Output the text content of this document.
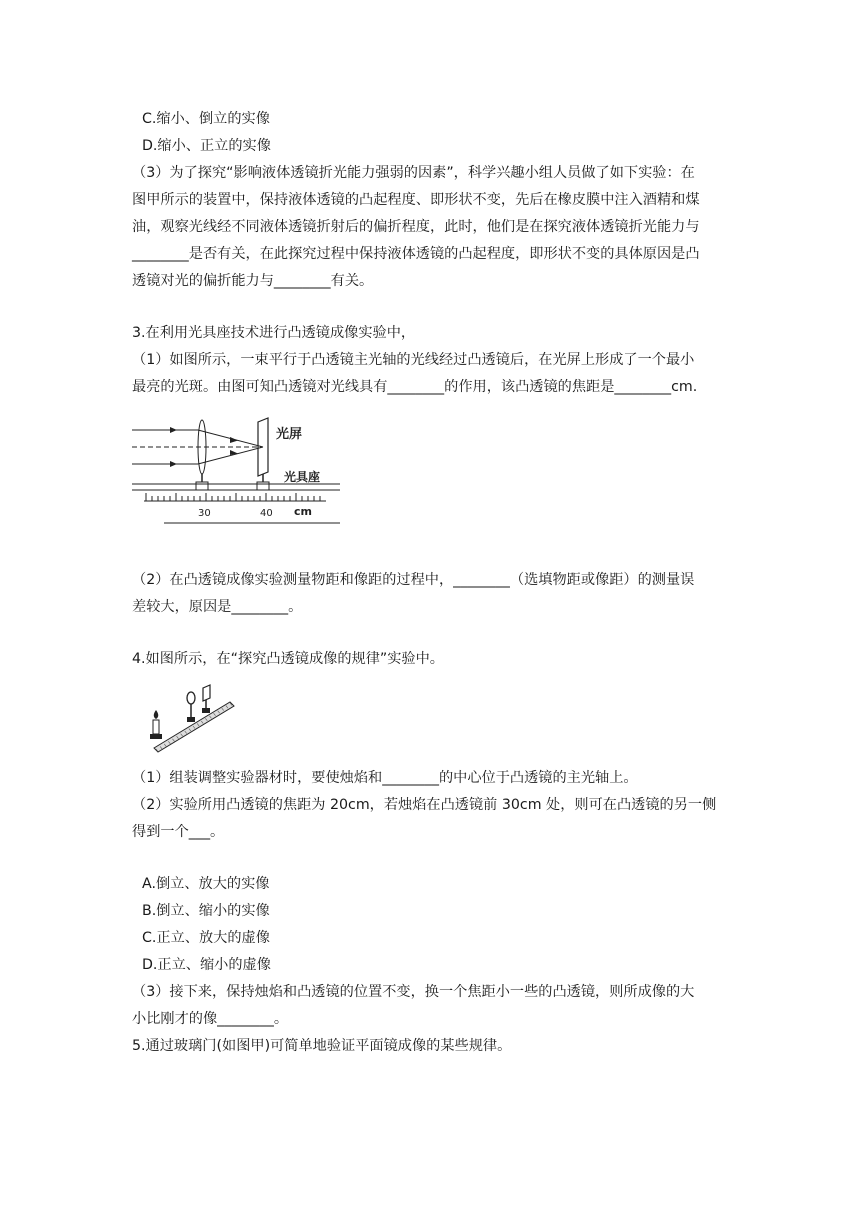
C.缩小、倒立的实像
D.缩小、正立的实像
（3）为了探究“影响液体透镜折光能力强弱的因素”，科学兴趣小组人员做了如下实验：在
图甲所示的装置中，保持液体透镜的凸起程度、即形状不变，先后在橡皮膜中注入酒精和煤
油，观察光线经不同液体透镜折射后的偏折程度，此时，他们是在探究液体透镜折光能力与
________是否有关，在此探究过程中保持液体透镜的凸起程度，即形状不变的具体原因是凸
透镜对光的偏折能力与________有关。
3.在利用光具座技术进行凸透镜成像实验中，
（1）如图所示，一束平行于凸透镜主光轴的光线经过凸透镜后，在光屏上形成了一个最小
最亮的光斑。由图可知凸透镜对光线具有________的作用，该凸透镜的焦距是________cm.
光屏
光具座
30	40 cm
（2）在凸透镜成像实验测量物距和像距的过程中，________（选填物距或像距）的测量误
差较大，原因是________。
4.如图所示，在“探究凸透镜成像的规律”实验中。
（1）组装调整实验器材时，要使烛焰和________的中心位于凸透镜的主光轴上。
（2）实验所用凸透镜的焦距为 20cm，若烛焰在凸透镜前 30cm 处，则可在凸透镜的另一侧
得到一个___。
A.倒立、放大的实像
B.倒立、缩小的实像
C.正立、放大的虚像
D.正立、缩小的虚像
（3）接下来，保持烛焰和凸透镜的位置不变，换一个焦距小一些的凸透镜，则所成像的大
小比刚才的像________。
5.通过玻璃门(如图甲)可简单地验证平面镜成像的某些规律。
